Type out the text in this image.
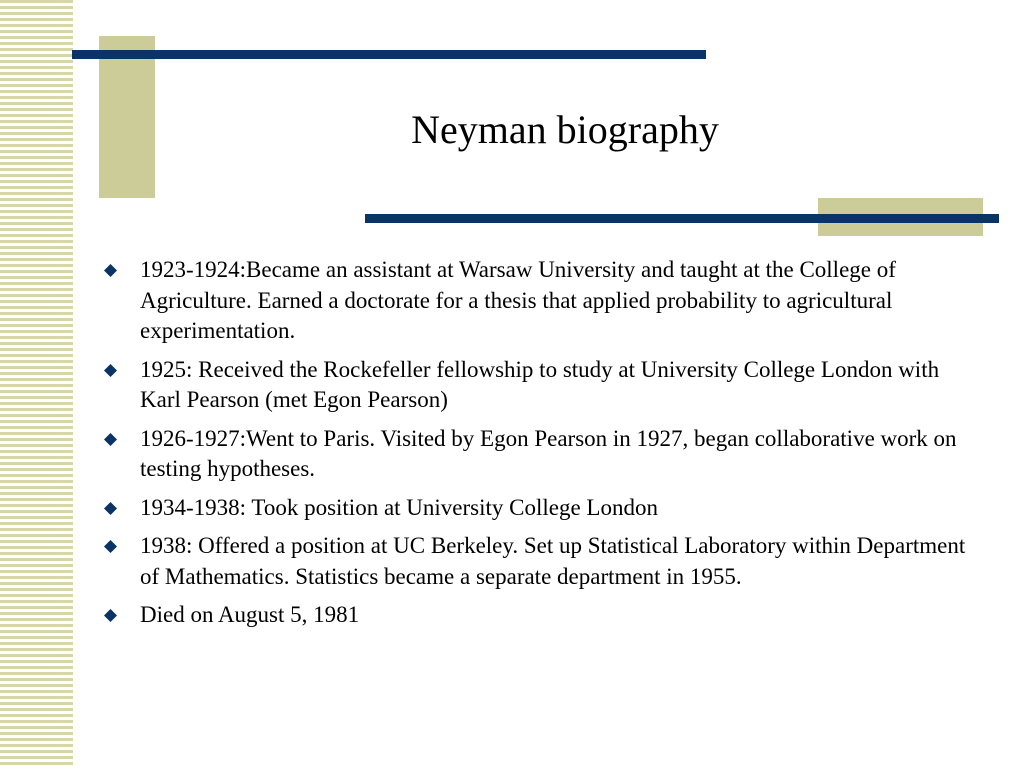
Neyman biography
1923-1924:Became an assistant at Warsaw University and taught at the College of Agriculture. Earned a doctorate for a thesis that applied probability to agricultural experimentation.
1925: Received the Rockefeller fellowship to study at University College London with Karl Pearson (met Egon Pearson)
1926-1927:Went to Paris. Visited by Egon Pearson in 1927, began collaborative work on testing hypotheses.
1934-1938: Took position at University College London
1938: Offered a position at UC Berkeley. Set up Statistical Laboratory within Department of Mathematics. Statistics became a separate department in 1955.
Died on August 5, 1981
